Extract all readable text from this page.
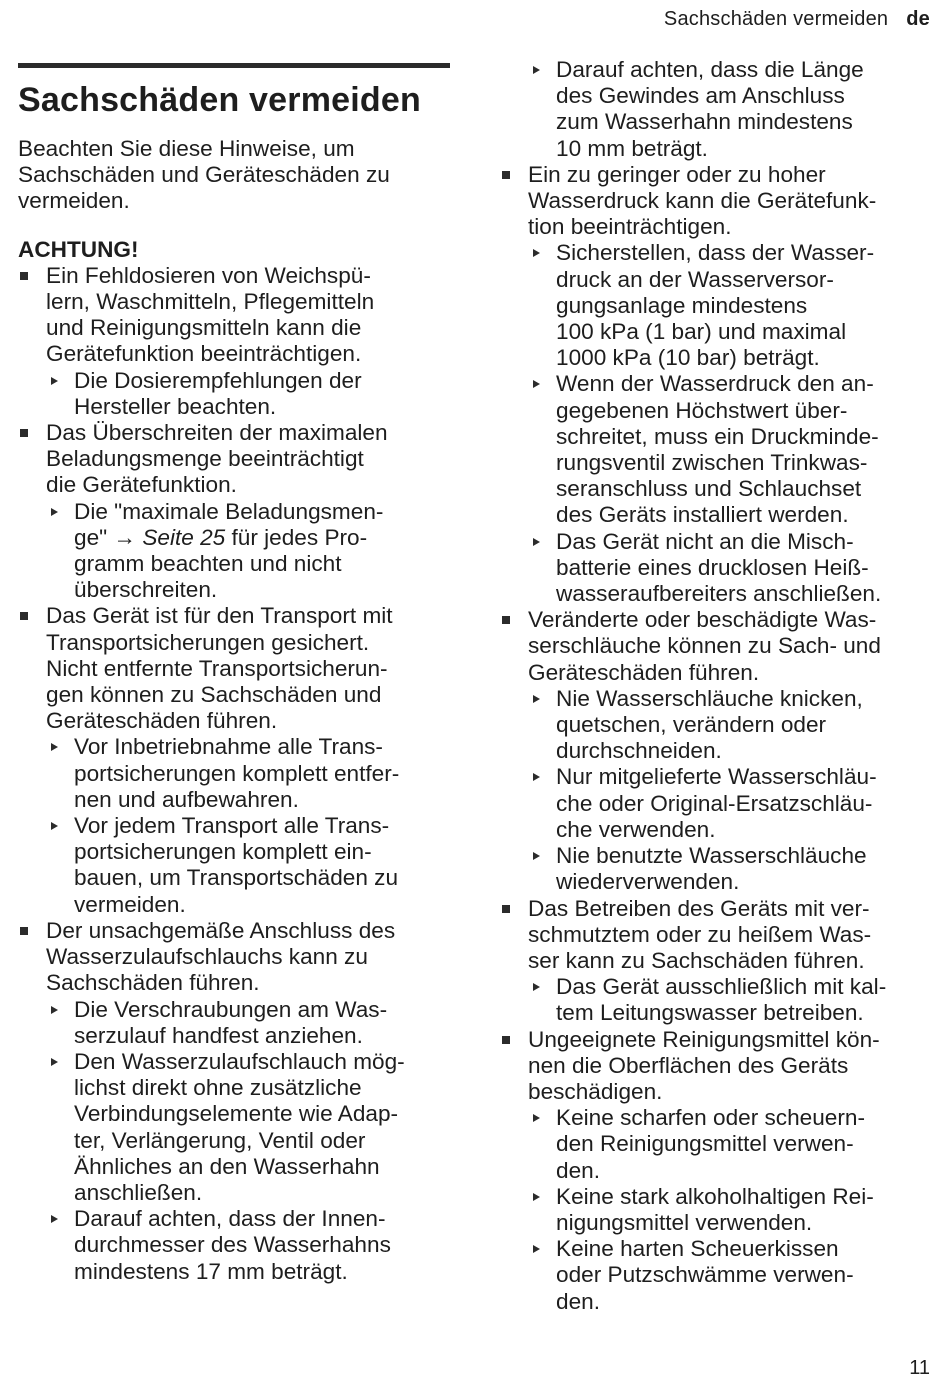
Sachschäden vermeiden de
Sachschäden vermeiden
Beachten Sie diese Hinweise, um Sachschäden und Geräteschäden zu vermeiden.
ACHTUNG!
Ein Fehldosieren von Weichspü-
lern, Waschmitteln, Pflegemitteln
und Reinigungsmitteln kann die
Gerätefunktion beeinträchtigen.
Die Dosierempfehlungen der
Hersteller beachten.
Das Überschreiten der maximalen
Beladungsmenge beeinträchtigt
die Gerätefunktion.
Die "maximale Beladungsmen-
ge" → Seite 25 für jedes Pro-
gramm beachten und nicht
überschreiten.
Das Gerät ist für den Transport mit
Transportsicherungen gesichert.
Nicht entfernte Transportsicherun-
gen können zu Sachschäden und
Geräteschäden führen.
Vor Inbetriebnahme alle Trans-
portsicherungen komplett entfer-
nen und aufbewahren.
Vor jedem Transport alle Trans-
portsicherungen komplett ein-
bauen, um Transportschäden zu
vermeiden.
Der unsachgemäße Anschluss des
Wasserzulaufschlauchs kann zu
Sachschäden führen.
Die Verschraubungen am Was-
serzulauf handfest anziehen.
Den Wasserzulaufschlauch mög-
lichst direkt ohne zusätzliche
Verbindungselemente wie Adap-
ter, Verlängerung, Ventil oder
Ähnliches an den Wasserhahn
anschließen.
Darauf achten, dass der Innen-
durchmesser des Wasserhahns
mindestens 17 mm beträgt.
Darauf achten, dass die Länge
des Gewindes am Anschluss
zum Wasserhahn mindestens
10 mm beträgt.
Ein zu geringer oder zu hoher
Wasserdruck kann die Gerätefunk-
tion beeinträchtigen.
Sicherstellen, dass der Wasser-
druck an der Wasserversor-
gungsanlage mindestens
100 kPa (1 bar) und maximal
1000 kPa (10 bar) beträgt.
Wenn der Wasserdruck den an-
gegebenen Höchstwert über-
schreitet, muss ein Druckminde-
rungsventil zwischen Trinkwas-
seranschluss und Schlauchset
des Geräts installiert werden.
Das Gerät nicht an die Misch-
batterie eines drucklosen Heiß-
wasseraufbereiters anschließen.
Veränderte oder beschädigte Was-
serschläuche können zu Sach- und
Geräteschäden führen.
Nie Wasserschläuche knicken,
quetschen, verändern oder
durchschneiden.
Nur mitgelieferte Wasserschläu-
che oder Original-Ersatzschläu-
che verwenden.
Nie benutzte Wasserschläuche
wiederverwenden.
Das Betreiben des Geräts mit ver-
schmutztem oder zu heißem Was-
ser kann zu Sachschäden führen.
Das Gerät ausschließlich mit kal-
tem Leitungswasser betreiben.
Ungeeignete Reinigungsmittel kön-
nen die Oberflächen des Geräts
beschädigen.
Keine scharfen oder scheuern-
den Reinigungsmittel verwen-
den.
Keine stark alkoholhaltigen Rei-
nigungsmittel verwenden.
Keine harten Scheuerkissen
oder Putzschwämme verwen-
den.
11
